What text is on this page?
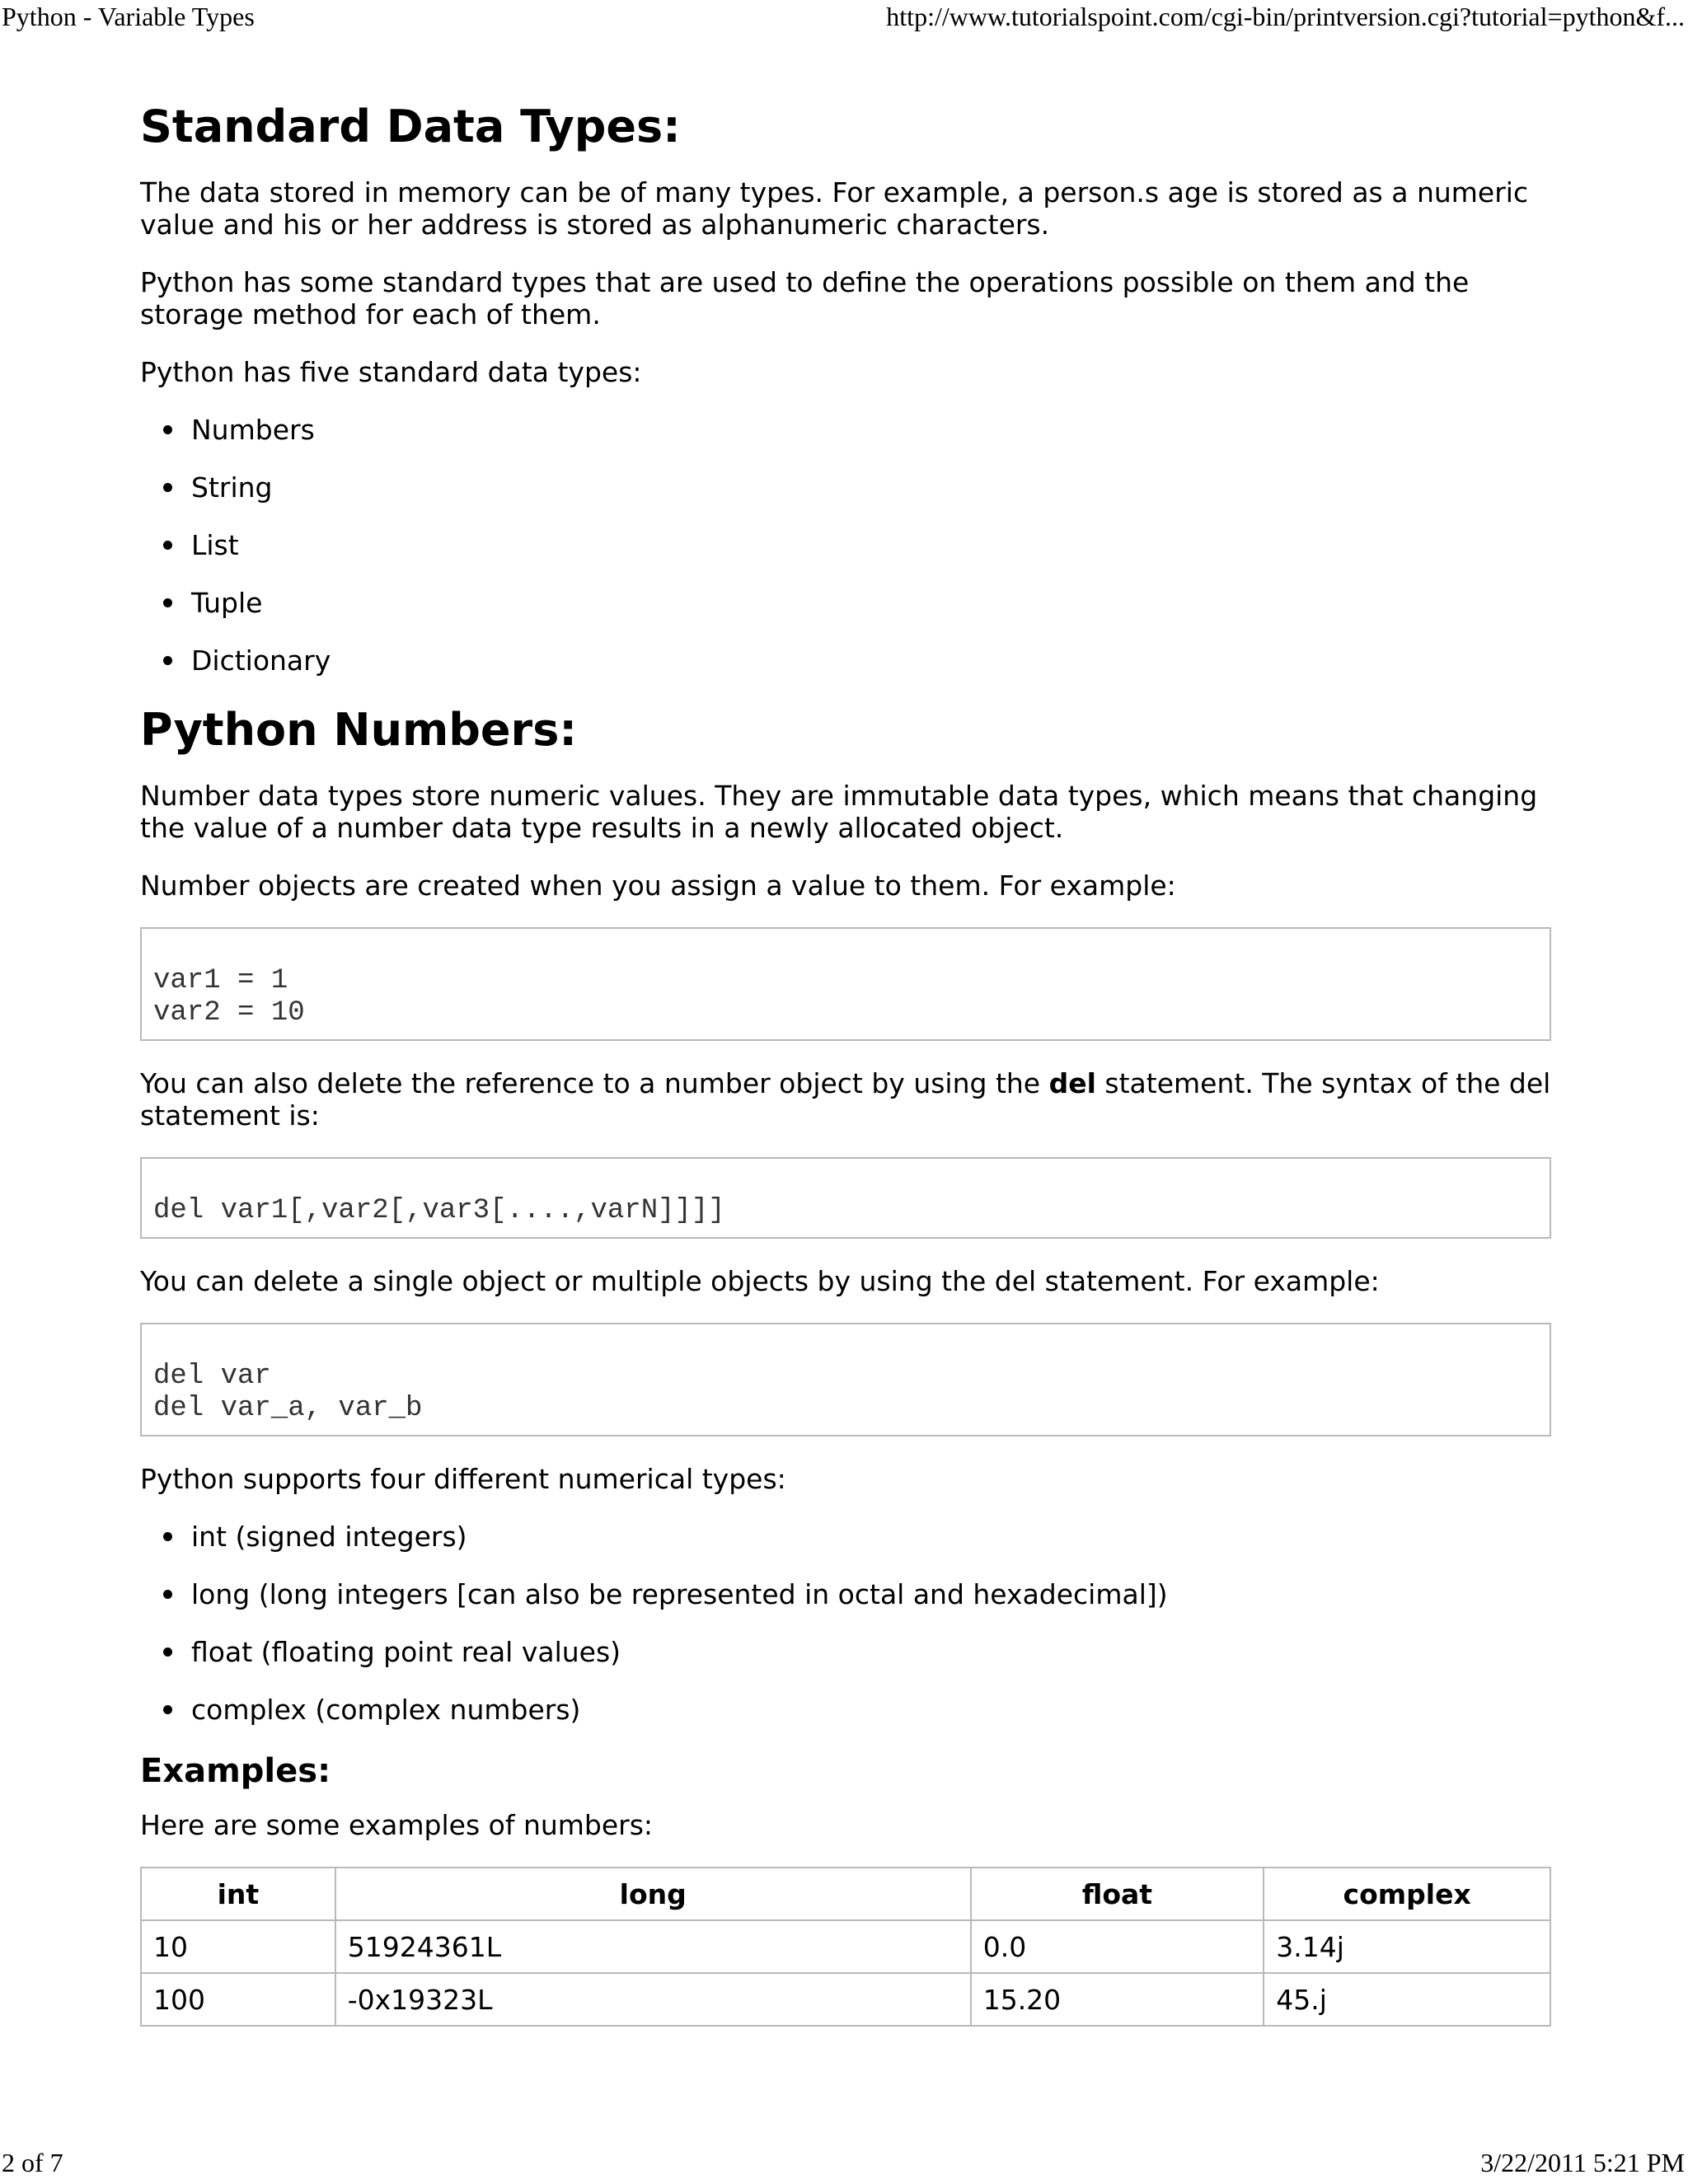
Python - Variable Types	http://www.tutorialspoint.com/cgi-bin/printversion.cgi?tutorial=python&f...
Standard Data Types:

The data stored in memory can be of many types. For example, a person.s age is stored as a numeric value and his or her address is stored as alphanumeric characters.

Python has some standard types that are used to define the operations possible on them and the storage method for each of them.

Python has five standard data types:

Numbers
String
List
Tuple
Dictionary
Python Numbers:

Number data types store numeric values. They are immutable data types, which means that changing the value of a number data type results in a newly allocated object.

Number objects are created when you assign a value to them. For example:

var1 = 1
var2 = 10

You can also delete the reference to a number object by using the del statement. The syntax of the del statement is:

del var1[,var2[,var3[....,varN]]]]

You can delete a single object or multiple objects by using the del statement. For example:

del var
del var_a, var_b

Python supports four different numerical types:

int (signed integers)
long (long integers [can also be represented in octal and hexadecimal])
float (floating point real values)
complex (complex numbers)
Examples:

Here are some examples of numbers:

int	long	float	complex
10	51924361L	0.0	3.14j
100	-0x19323L	15.20	45.j
2 of 7	3/22/2011 5:21 PM
